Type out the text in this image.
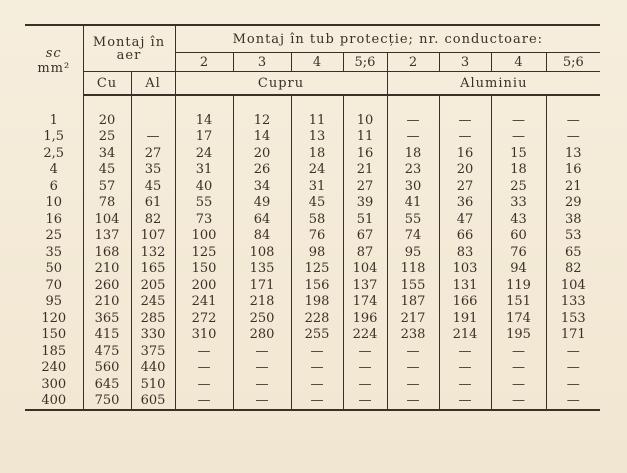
sc
mm²	Montaj în aer		Montaj în tub protecție; nr. conductoare:							
			2	3	4	5;6	2	3	4	5;6
	Cu	Al	Cupru				Aluminiu			

1	20		14	12	11	10	—	—	—	—
1,5	25	—	17	14	13	11	—	—	—	—
2,5	34	27	24	20	18	16	18	16	15	13
4	45	35	31	26	24	21	23	20	18	16
6	57	45	40	34	31	27	30	27	25	21
10	78	61	55	49	45	39	41	36	33	29
16	104	82	73	64	58	51	55	47	43	38
25	137	107	100	84	76	67	74	66	60	53
35	168	132	125	108	98	87	95	83	76	65
50	210	165	150	135	125	104	118	103	94	82
70	260	205	200	171	156	137	155	131	119	104
95	210	245	241	218	198	174	187	166	151	133
120	365	285	272	250	228	196	217	191	174	153
150	415	330	310	280	255	224	238	214	195	171
185	475	375	—	—	—	—	—	—	—	—
240	560	440	—	—	—	—	—	—	—	—
300	645	510	—	—	—	—	—	—	—	—
400	750	605	—	—	—	—	—	—	—	—
